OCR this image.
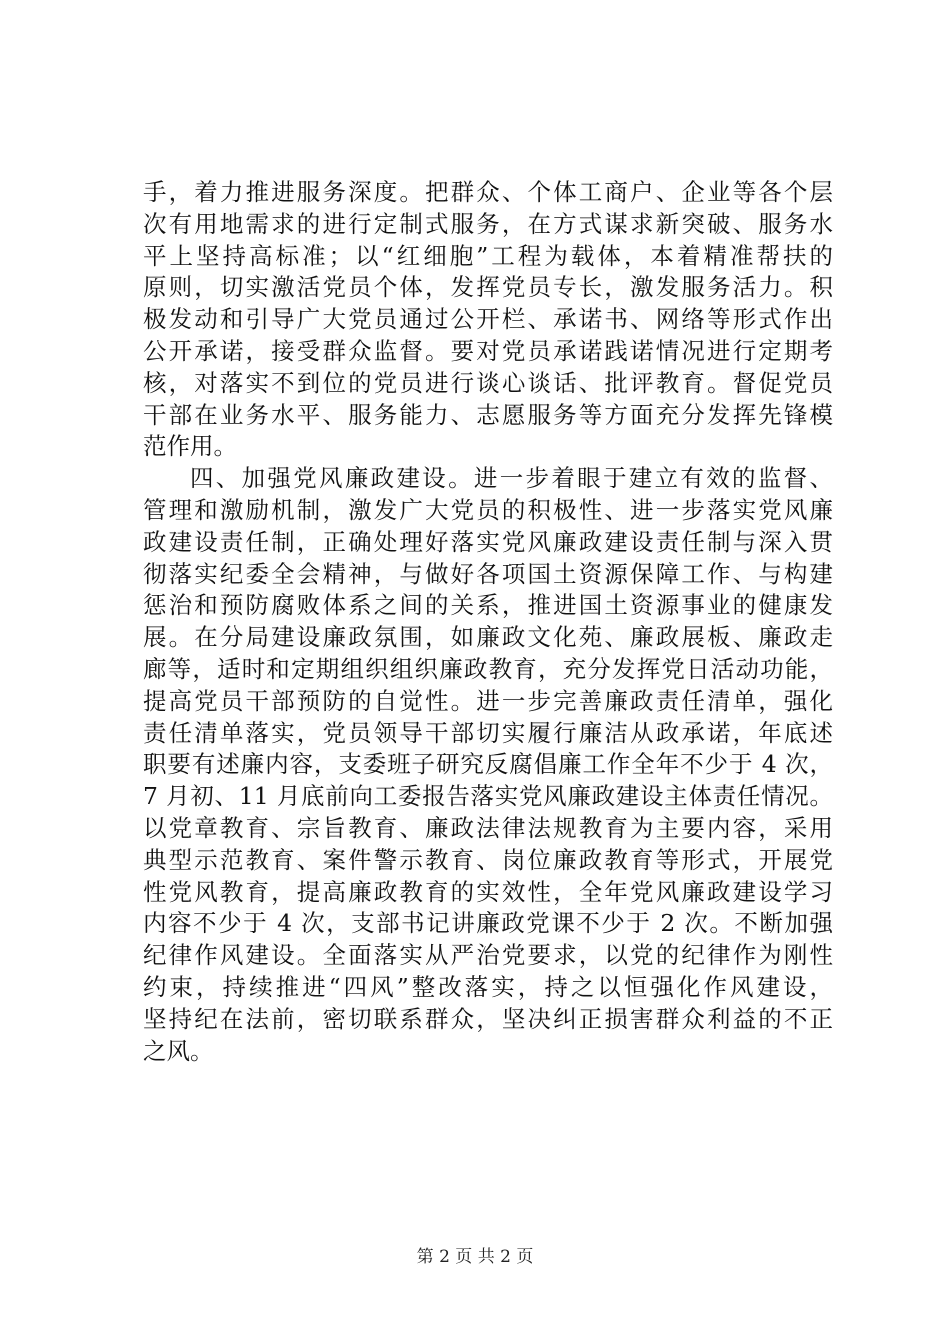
手，着力推进服务深度。把群众、个体工商户、企业等各个层
次有用地需求的进行定制式服务，在方式谋求新突破、服务水
平上坚持高标准；以“红细胞”工程为载体，本着精准帮扶的
原则，切实激活党员个体，发挥党员专长，激发服务活力。积
极发动和引导广大党员通过公开栏、承诺书、网络等形式作出
公开承诺，接受群众监督。要对党员承诺践诺情况进行定期考
核，对落实不到位的党员进行谈心谈话、批评教育。督促党员
干部在业务水平、服务能力、志愿服务等方面充分发挥先锋模
范作用。
四、加强党风廉政建设。进一步着眼于建立有效的监督、
管理和激励机制，激发广大党员的积极性、进一步落实党风廉
政建设责任制，正确处理好落实党风廉政建设责任制与深入贯
彻落实纪委全会精神，与做好各项国土资源保障工作、与构建
惩治和预防腐败体系之间的关系，推进国土资源事业的健康发
展。在分局建设廉政氛围，如廉政文化苑、廉政展板、廉政走
廊等，适时和定期组织组织廉政教育，充分发挥党日活动功能，
提高党员干部预防的自觉性。进一步完善廉政责任清单，强化
责任清单落实，党员领导干部切实履行廉洁从政承诺，年底述
职要有述廉内容，支委班子研究反腐倡廉工作全年不少于 4 次，
7 月初、11 月底前向工委报告落实党风廉政建设主体责任情况。
以党章教育、宗旨教育、廉政法律法规教育为主要内容，采用
典型示范教育、案件警示教育、岗位廉政教育等形式，开展党
性党风教育，提高廉政教育的实效性，全年党风廉政建设学习
内容不少于 4 次，支部书记讲廉政党课不少于 2 次。不断加强
纪律作风建设。全面落实从严治党要求，以党的纪律作为刚性
约束，持续推进“四风”整改落实，持之以恒强化作风建设，
坚持纪在法前，密切联系群众，坚决纠正损害群众利益的不正
之风。
第 2 页 共 2 页
